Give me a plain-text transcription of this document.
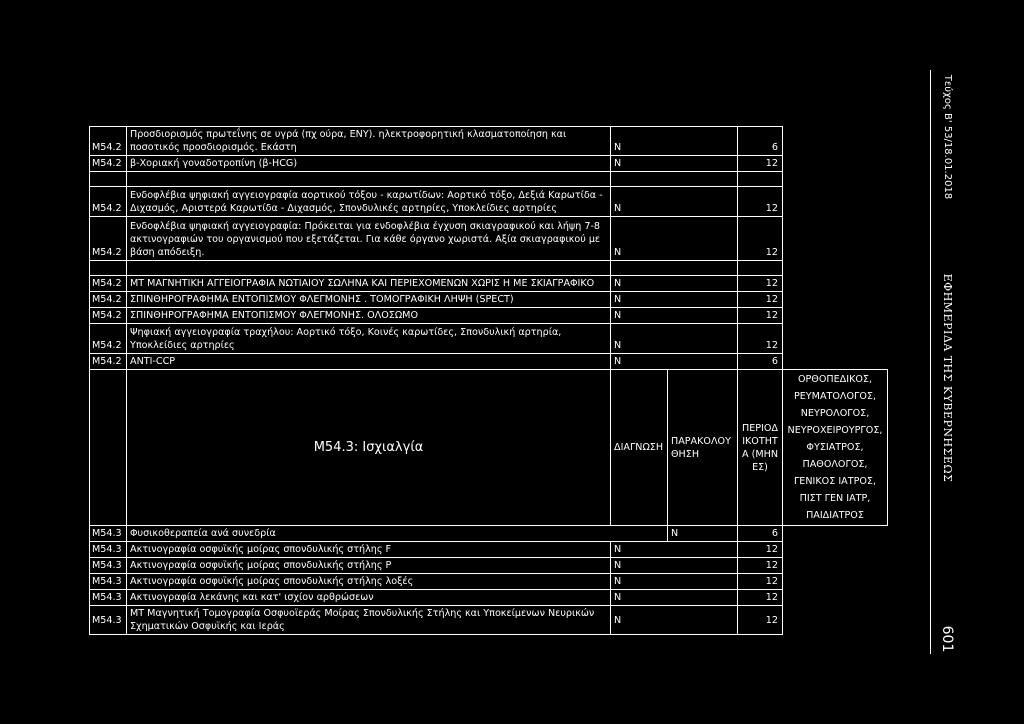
Τεύχος Β' 53/18.01.2018
ΕΦΗΜΕΡΙΔΑ ΤΗΣ ΚΥΒΕΡΝΗΣΕΩΣ
601
M54.2	Προσδιορισμός πρωτεΐνης σε υγρά (πχ ούρα, ΕΝΥ). ηλεκτροφορητική κλασματοποίηση και ποσοτικός προσδιορισμός. Εκάστη	Ν		6	
M54.2	β-Χοριακή γοναδοτροπίνη (β-HCG)	Ν		12	

M54.2	Ενδοφλέβια ψηφιακή αγγειογραφία αορτικού τόξου - καρωτίδων: Αορτικό τόξο, Δεξιά Καρωτίδα - Διχασμός, Αριστερά Καρωτίδα - Διχασμός, Σπονδυλικές αρτηρίες, Υποκλείδιες αρτηρίες	Ν		12	
M54.2	Ενδοφλέβια ψηφιακή αγγειογραφία: Πρόκειται για ενδοφλέβια έγχυση σκιαγραφικού και λήψη 7-8 ακτινογραφιών του οργανισμού που εξετάζεται. Για κάθε όργανο χωριστά. Αξία σκιαγραφικού με βάση απόδειξη.	Ν		12	

M54.2	ΜΤ ΜΑΓΝΗΤΙΚΗ ΑΓΓΕΙΟΓΡΑΦΙΑ ΝΩΤΙΑΙΟΥ ΣΩΛΗΝΑ ΚΑΙ ΠΕΡΙΕΧΟΜΕΝΩΝ ΧΩΡΙΣ Η ΜΕ ΣΚΙΑΓΡΑΦΙΚΟ	Ν		12	
M54.2	ΣΠΙΝΘΗΡΟΓΡΑΦΗΜΑ ΕΝΤΟΠΙΣΜΟΥ ΦΛΕΓΜΟΝΗΣ . ΤΟΜΟΓΡΑΦΙΚΗ ΛΗΨΗ (SPECT)	Ν		12	
M54.2	ΣΠΙΝΘΗΡΟΓΡΑΦΗΜΑ ΕΝΤΟΠΙΣΜΟΥ ΦΛΕΓΜΟΝΗΣ. ΟΛΟΣΩΜΟ	Ν		12	
M54.2	Ψηφιακή αγγειογραφία τραχήλου: Αορτικό τόξο, Κοινές καρωτίδες, Σπονδυλική αρτηρία, Υποκλείδιες αρτηρίες	Ν		12	
M54.2	ANTI-CCP	Ν		6	

	Μ54.3: Ισχιαλγία	ΔΙΑΓΝΩΣΗ	ΠΑΡΑΚΟΛΟΥΘΗΣΗ	ΠΕΡΙΟΔΙΚΟΤΗΤΑ (ΜΗΝΕΣ)	ΟΡΘΟΠΕΔΙΚΟΣ, ΡΕΥΜΑΤΟΛΟΓΟΣ, ΝΕΥΡΟΛΟΓΟΣ, ΝΕΥΡΟΧΕΙΡΟΥΡΓΟΣ, ΦΥΣΙΑΤΡΟΣ, ΠΑΘΟΛΟΓΟΣ, ΓΕΝΙΚΟΣ ΙΑΤΡΟΣ, ΠΙΣΤ ΓΕΝ ΙΑΤΡ, ΠΑΙΔΙΑΤΡΟΣ
M54.3	Φυσικοθεραπεία ανά συνεδρία		Ν	6	
M54.3	Ακτινογραφία οσφυϊκής μοίρας σπονδυλικής στήλης F	Ν		12	
M54.3	Ακτινογραφία οσφυϊκής μοίρας σπονδυλικής στήλης P	Ν		12	
M54.3	Ακτινογραφία οσφυϊκής μοίρας σπονδυλικής στήλης λοξές	Ν		12	
M54.3	Ακτινογραφία λεκάνης και κατ' ισχίον αρθρώσεων	Ν		12	
M54.3	ΜΤ Μαγνητική Τομογραφία Οσφυοϊεράς Μοίρας Σπονδυλικής Στήλης και Υποκείμενων Νευρικών Σχηματικών Οσφυϊκής και Ιεράς	Ν		12	
